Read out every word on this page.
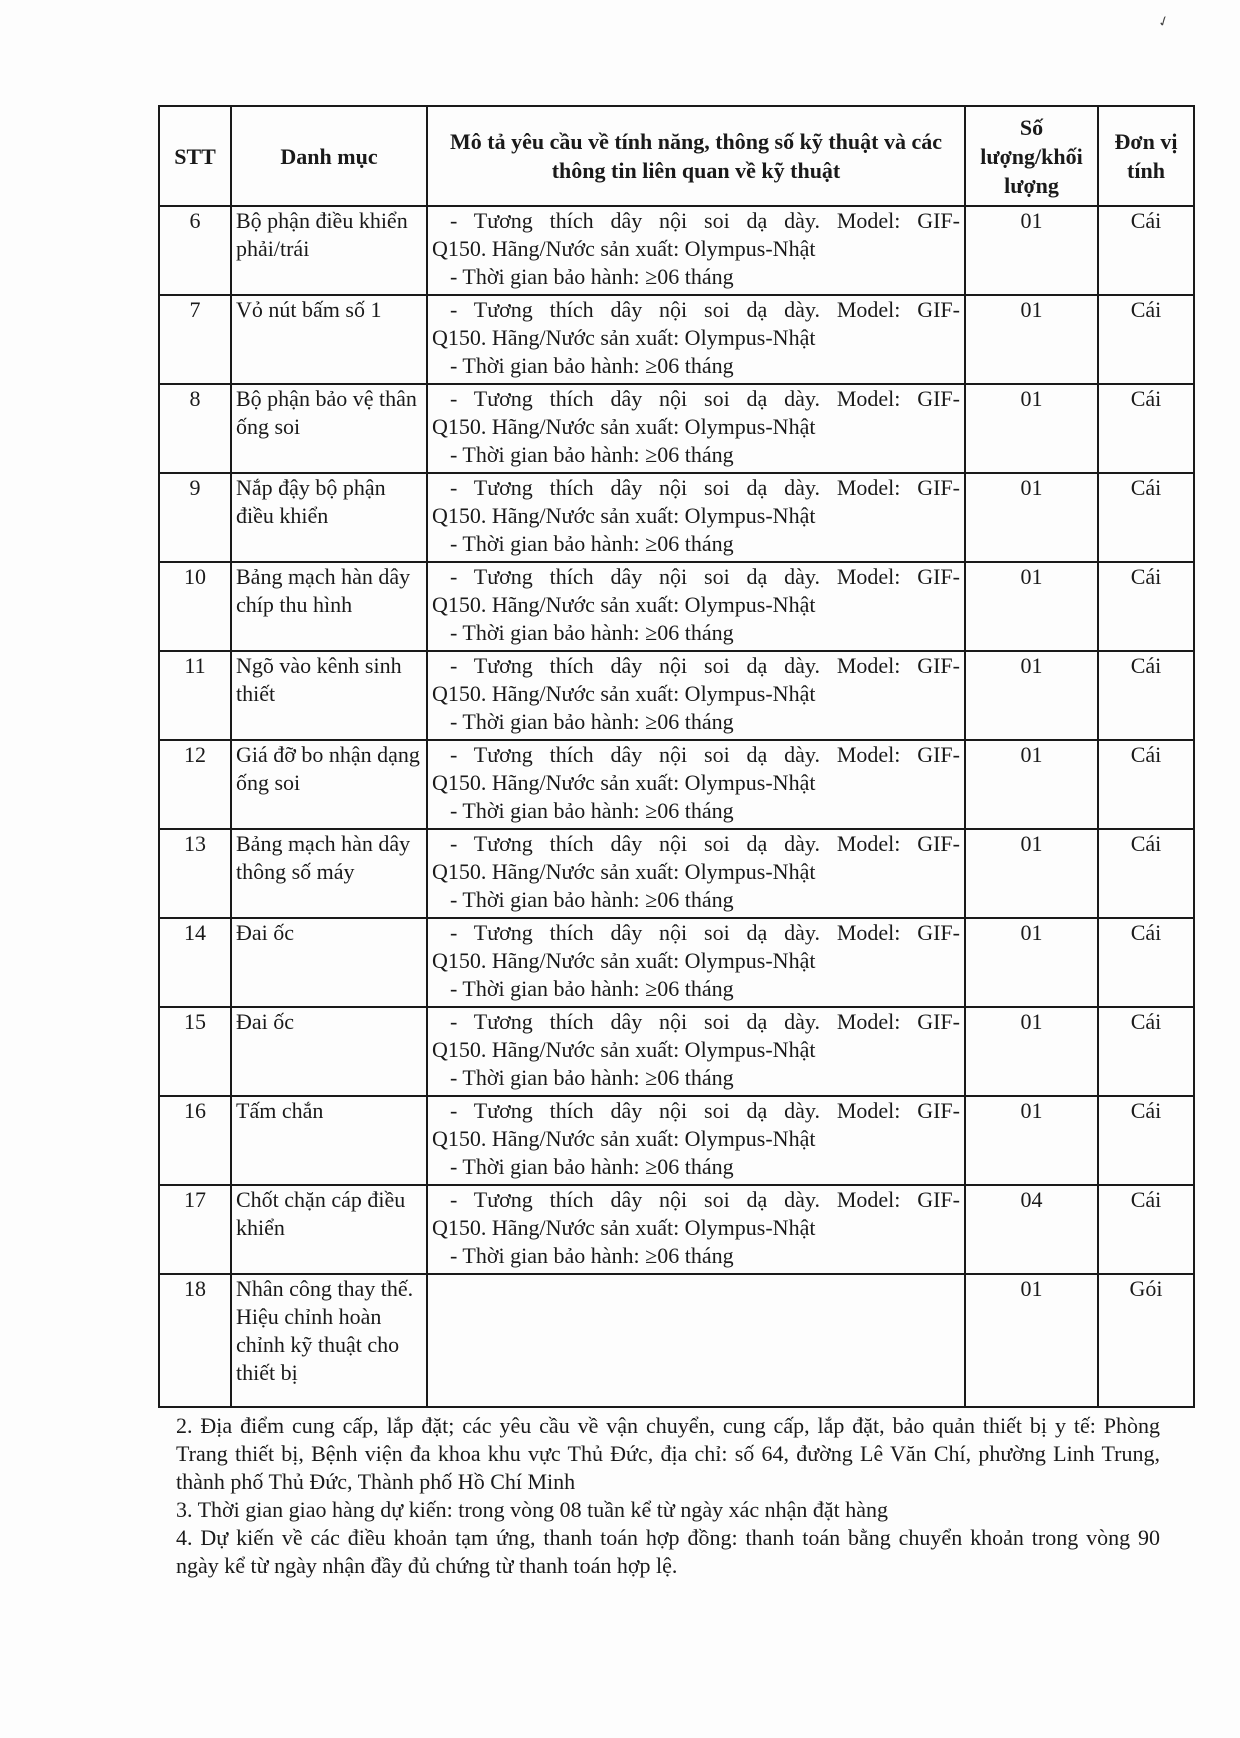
✓
STT	Danh mục	Mô tả yêu cầu về tính năng, thông số kỹ thuật và các thông tin liên quan về kỹ thuật	Số lượng/khối lượng	Đơn vị tính
6	Bộ phận điều khiển phải/trái	- Tương thích dây nội soi dạ dày. Model: GIF-
Q150. Hãng/Nước sản xuất: Olympus-Nhật
- Thời gian bảo hành: ≥06 tháng	01	Cái
7	Vỏ nút bấm số 1	- Tương thích dây nội soi dạ dày. Model: GIF-
Q150. Hãng/Nước sản xuất: Olympus-Nhật
- Thời gian bảo hành: ≥06 tháng	01	Cái
8	Bộ phận bảo vệ thân ống soi	- Tương thích dây nội soi dạ dày. Model: GIF-
Q150. Hãng/Nước sản xuất: Olympus-Nhật
- Thời gian bảo hành: ≥06 tháng	01	Cái
9	Nắp đậy bộ phận điều khiển	- Tương thích dây nội soi dạ dày. Model: GIF-
Q150. Hãng/Nước sản xuất: Olympus-Nhật
- Thời gian bảo hành: ≥06 tháng	01	Cái
10	Bảng mạch hàn dây chíp thu hình	- Tương thích dây nội soi dạ dày. Model: GIF-
Q150. Hãng/Nước sản xuất: Olympus-Nhật
- Thời gian bảo hành: ≥06 tháng	01	Cái
11	Ngõ vào kênh sinh thiết	- Tương thích dây nội soi dạ dày. Model: GIF-
Q150. Hãng/Nước sản xuất: Olympus-Nhật
- Thời gian bảo hành: ≥06 tháng	01	Cái
12	Giá đỡ bo nhận dạng ống soi	- Tương thích dây nội soi dạ dày. Model: GIF-
Q150. Hãng/Nước sản xuất: Olympus-Nhật
- Thời gian bảo hành: ≥06 tháng	01	Cái
13	Bảng mạch hàn dây thông số máy	- Tương thích dây nội soi dạ dày. Model: GIF-
Q150. Hãng/Nước sản xuất: Olympus-Nhật
- Thời gian bảo hành: ≥06 tháng	01	Cái
14	Đai ốc	- Tương thích dây nội soi dạ dày. Model: GIF-
Q150. Hãng/Nước sản xuất: Olympus-Nhật
- Thời gian bảo hành: ≥06 tháng	01	Cái
15	Đai ốc	- Tương thích dây nội soi dạ dày. Model: GIF-
Q150. Hãng/Nước sản xuất: Olympus-Nhật
- Thời gian bảo hành: ≥06 tháng	01	Cái
16	Tấm chắn	- Tương thích dây nội soi dạ dày. Model: GIF-
Q150. Hãng/Nước sản xuất: Olympus-Nhật
- Thời gian bảo hành: ≥06 tháng	01	Cái
17	Chốt chặn cáp điều khiển	- Tương thích dây nội soi dạ dày. Model: GIF-
Q150. Hãng/Nước sản xuất: Olympus-Nhật
- Thời gian bảo hành: ≥06 tháng	04	Cái
18	Nhân công thay thế. Hiệu chỉnh hoàn chỉnh kỹ thuật cho thiết bị		01	Gói

2. Địa điểm cung cấp, lắp đặt; các yêu cầu về vận chuyển, cung cấp, lắp đặt, bảo quản thiết bị y tế: Phòng Trang thiết bị, Bệnh viện đa khoa khu vực Thủ Đức, địa chỉ: số 64, đường Lê Văn Chí, phường Linh Trung, thành phố Thủ Đức, Thành phố Hồ Chí Minh

3. Thời gian giao hàng dự kiến: trong vòng 08 tuần kể từ ngày xác nhận đặt hàng

4. Dự kiến về các điều khoản tạm ứng, thanh toán hợp đồng: thanh toán bằng chuyển khoản trong vòng 90 ngày kể từ ngày nhận đầy đủ chứng từ thanh toán hợp lệ.
